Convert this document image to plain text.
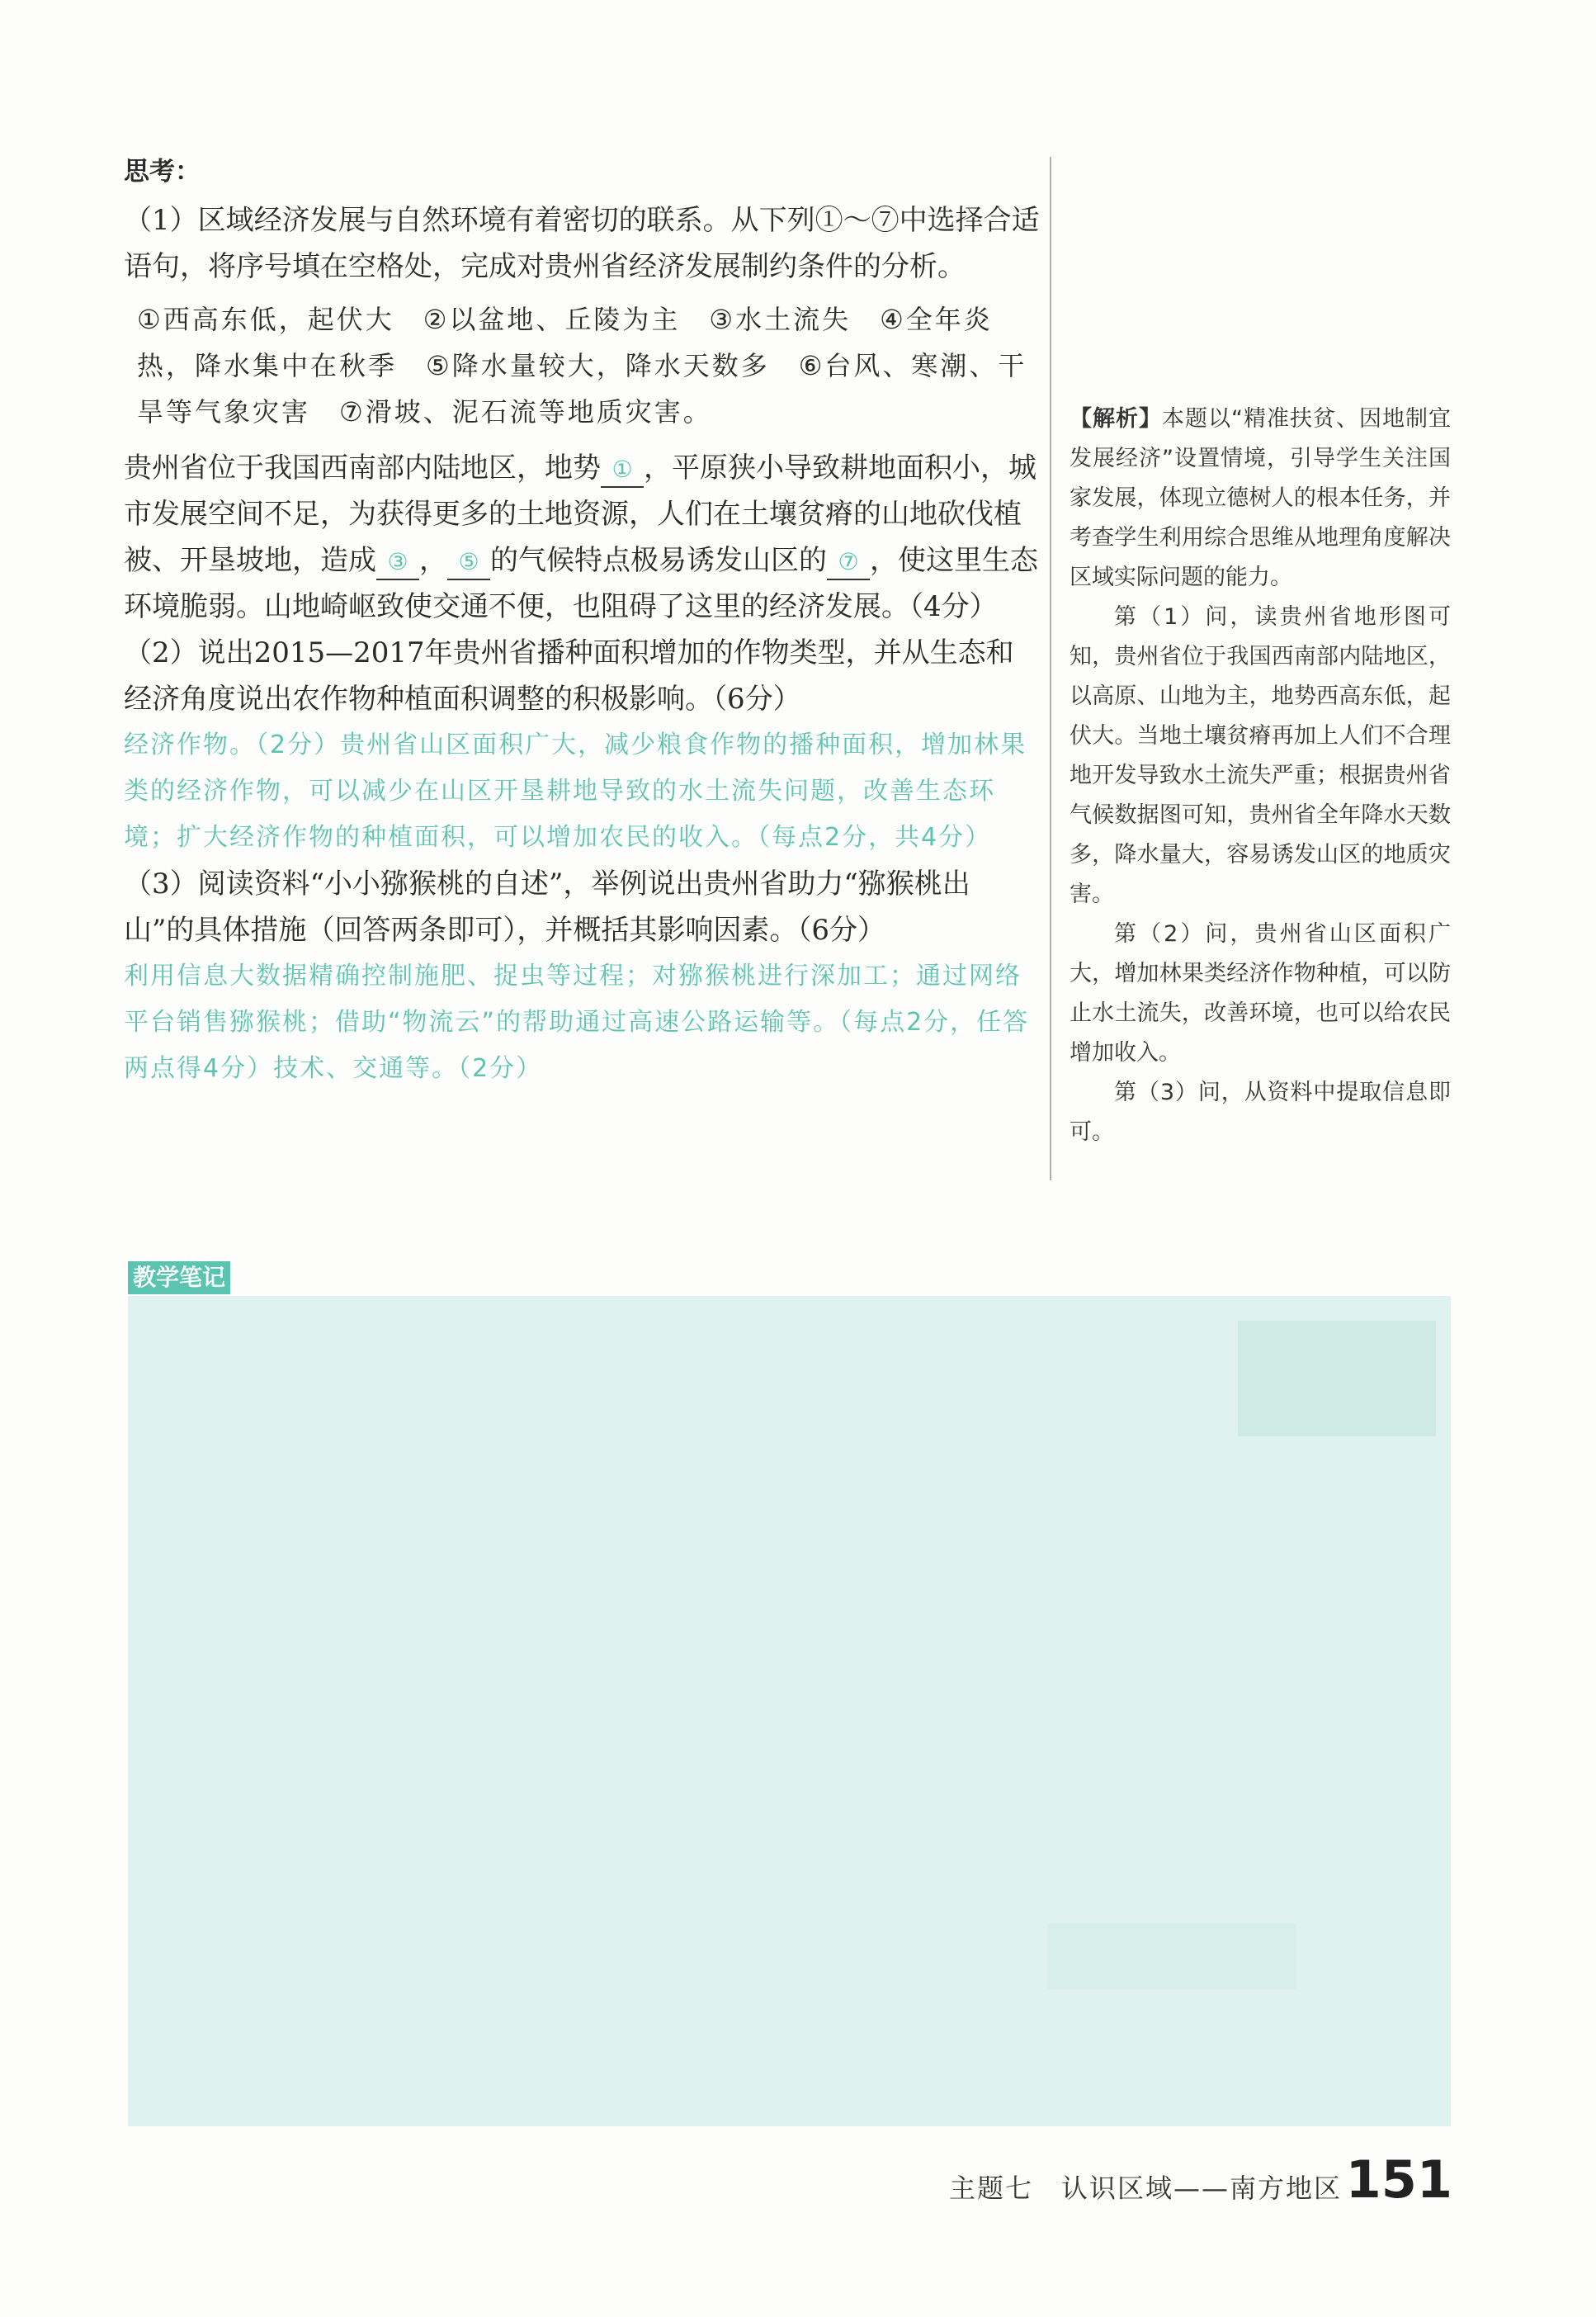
思考：

（1）区域经济发展与自然环境有着密切的联系。从下列①～⑦中选择合适语句，将序号填在空格处，完成对贵州省经济发展制约条件的分析。

①西高东低，起伏大　②以盆地、丘陵为主　③水土流失　④全年炎热，降水集中在秋季　⑤降水量较大，降水天数多　⑥台风、寒潮、干旱等气象灾害　⑦滑坡、泥石流等地质灾害。

贵州省位于我国西南部内陆地区，地势 ① ，平原狭小导致耕地面积小，城市发展空间不足，为获得更多的土地资源，人们在土壤贫瘠的山地砍伐植被、开垦坡地，造成 ③ ， ⑤ 的气候特点极易诱发山区的 ⑦ ，使这里生态环境脆弱。山地崎岖致使交通不便，也阻碍了这里的经济发展。（4分）

（2）说出2015—2017年贵州省播种面积增加的作物类型，并从生态和经济角度说出农作物种植面积调整的积极影响。（6分）

经济作物。（2分）贵州省山区面积广大，减少粮食作物的播种面积，增加林果类的经济作物，可以减少在山区开垦耕地导致的水土流失问题，改善生态环境；扩大经济作物的种植面积，可以增加农民的收入。（每点2分，共4分）

（3）阅读资料“小小猕猴桃的自述”，举例说出贵州省助力“猕猴桃出山”的具体措施（回答两条即可），并概括其影响因素。（6分）

利用信息大数据精确控制施肥、捉虫等过程；对猕猴桃进行深加工；通过网络平台销售猕猴桃；借助“物流云”的帮助通过高速公路运输等。（每点2分，任答两点得4分）技术、交通等。（2分）

【解析】本题以“精准扶贫、因地制宜发展经济”设置情境，引导学生关注国家发展，体现立德树人的根本任务，并考查学生利用综合思维从地理角度解决区域实际问题的能力。

第（1）问，读贵州省地形图可知，贵州省位于我国西南部内陆地区，以高原、山地为主，地势西高东低，起伏大。当地土壤贫瘠再加上人们不合理地开发导致水土流失严重；根据贵州省气候数据图可知，贵州省全年降水天数多，降水量大，容易诱发山区的地质灾害。

第（2）问，贵州省山区面积广大，增加林果类经济作物种植，可以防止水土流失，改善环境，也可以给农民增加收入。

第（3）问，从资料中提取信息即可。

教学笔记
主题七　认识区域——南方地区 151
